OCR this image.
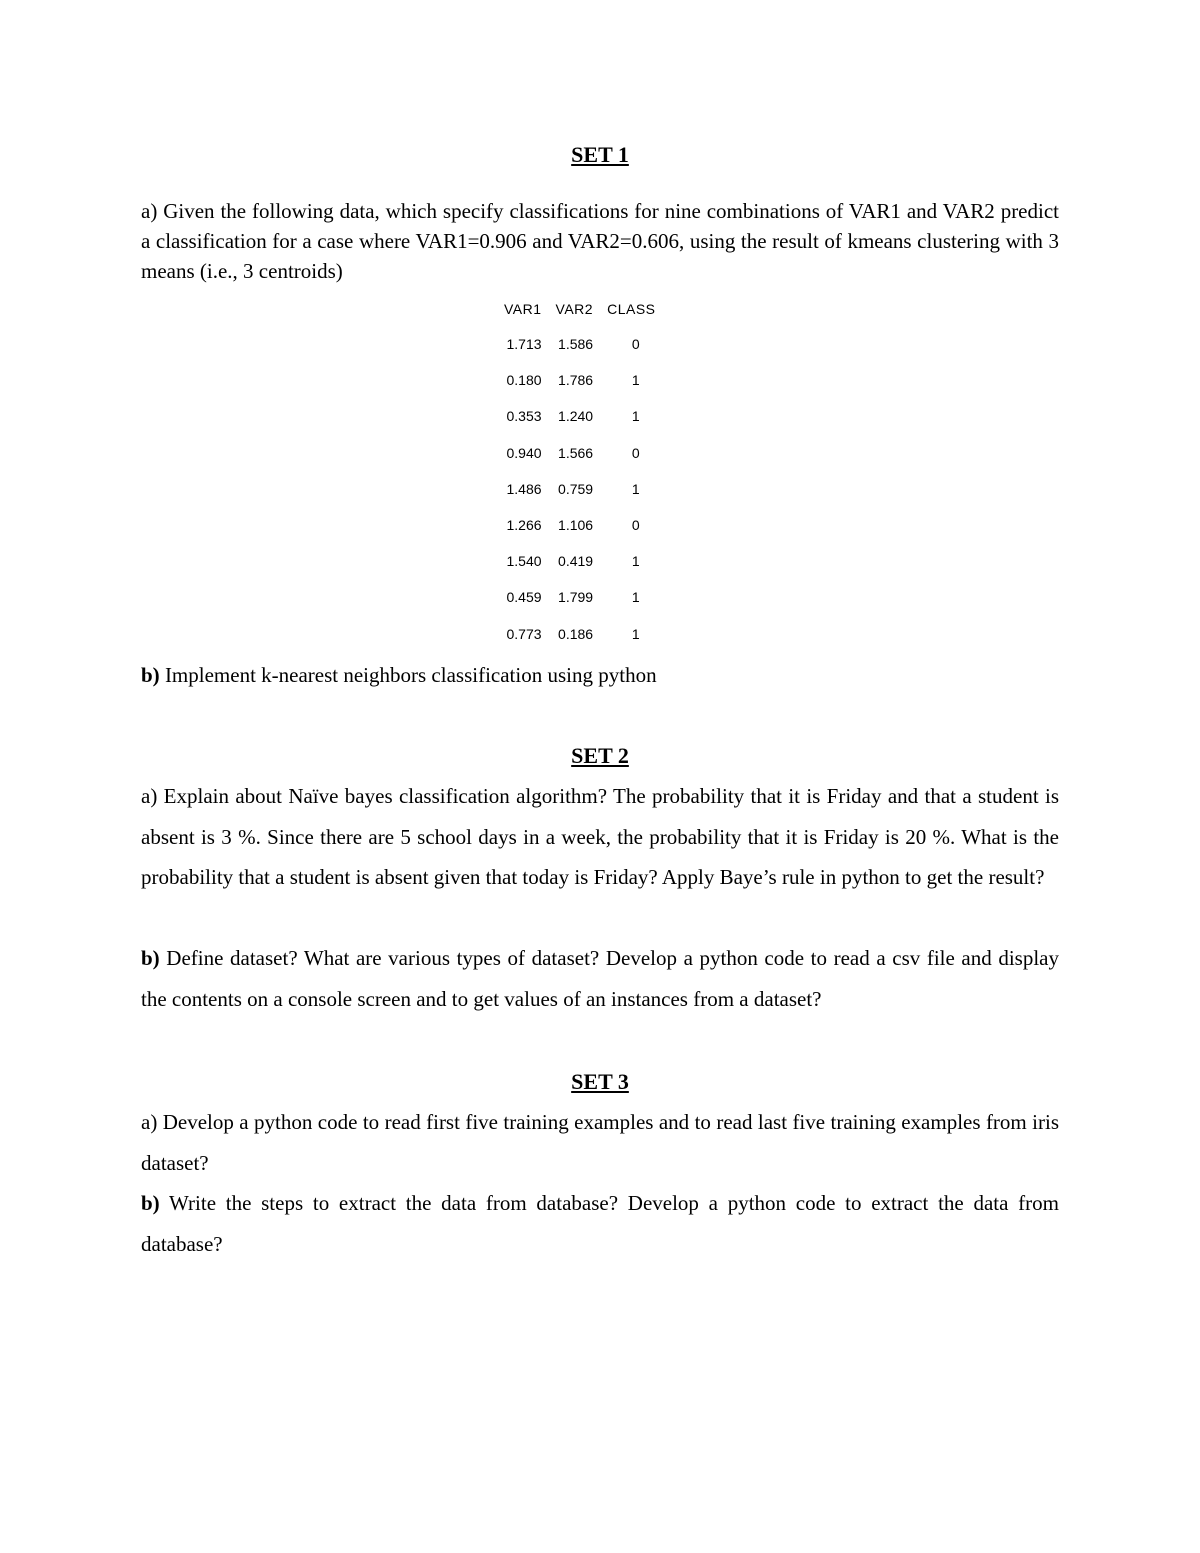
SET 1
a) Given the following data, which specify classifications for nine combinations of VAR1 and VAR2 predict a classification for a case where VAR1=0.906 and VAR2=0.606, using the result of kmeans clustering with 3 means (i.e., 3 centroids)
VAR1	VAR2	CLASS
1.713	1.586	0
0.180	1.786	1
0.353	1.240	1
0.940	1.566	0
1.486	0.759	1
1.266	1.106	0
1.540	0.419	1
0.459	1.799	1
0.773	0.186	1
b) Implement k-nearest neighbors classification using python
SET 2
a) Explain about Naïve bayes classification algorithm? The probability that it is Friday and that a student is absent is 3 %. Since there are 5 school days in a week, the probability that it is Friday is 20 %. What is the probability that a student is absent given that today is Friday? Apply Baye’s rule in python to get the result?
b) Define dataset? What are various types of dataset? Develop a python code to read a csv file and display the contents on a console screen and to get values of an instances from a dataset?
SET 3
a) Develop a python code to read first five training examples and to read last five training examples from iris dataset?
b) Write the steps to extract the data from database? Develop a python code to extract the data from database?
